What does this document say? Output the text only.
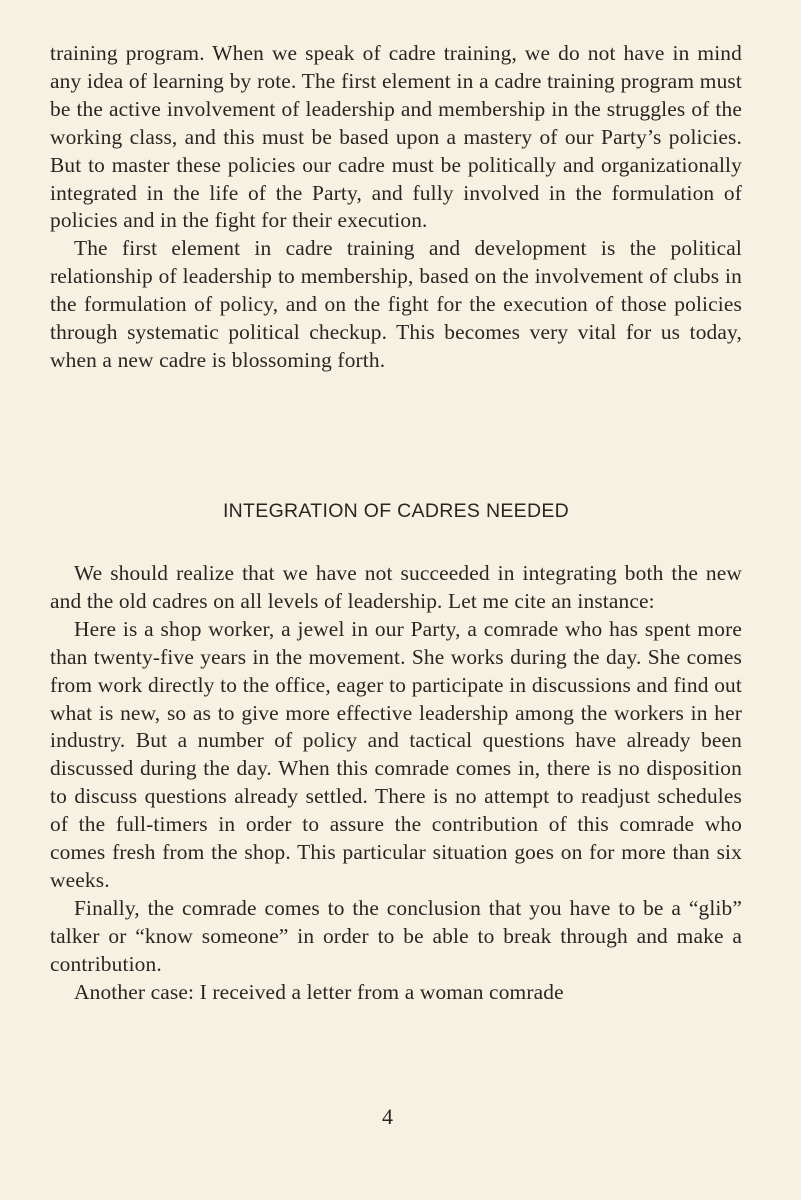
training program. When we speak of cadre training, we do not have in mind any idea of learning by rote. The first element in a cadre training program must be the active involvement of leadership and membership in the struggles of the working class, and this must be based upon a mastery of our Party’s policies. But to master these policies our cadre must be politically and organizationally integrated in the life of the Party, and fully involved in the formulation of policies and in the fight for their execution.

The first element in cadre training and development is the political relationship of leadership to membership, based on the involvement of clubs in the formulation of policy, and on the fight for the execution of those policies through systematic political checkup. This becomes very vital for us today, when a new cadre is blossoming forth.

INTEGRATION OF CADRES NEEDED

We should realize that we have not succeeded in integrating both the new and the old cadres on all levels of leadership. Let me cite an instance:

Here is a shop worker, a jewel in our Party, a comrade who has spent more than twenty-five years in the movement. She works during the day. She comes from work directly to the office, eager to participate in discussions and find out what is new, so as to give more effective leadership among the workers in her industry. But a number of policy and tactical questions have already been discussed during the day. When this comrade comes in, there is no disposition to discuss questions already settled. There is no attempt to readjust schedules of the full-timers in order to assure the contribution of this comrade who comes fresh from the shop. This particular situation goes on for more than six weeks.

Finally, the comrade comes to the conclusion that you have to be a “glib” talker or “know someone” in order to be able to break through and make a contribution.

Another case: I received a letter from a woman comrade

4
